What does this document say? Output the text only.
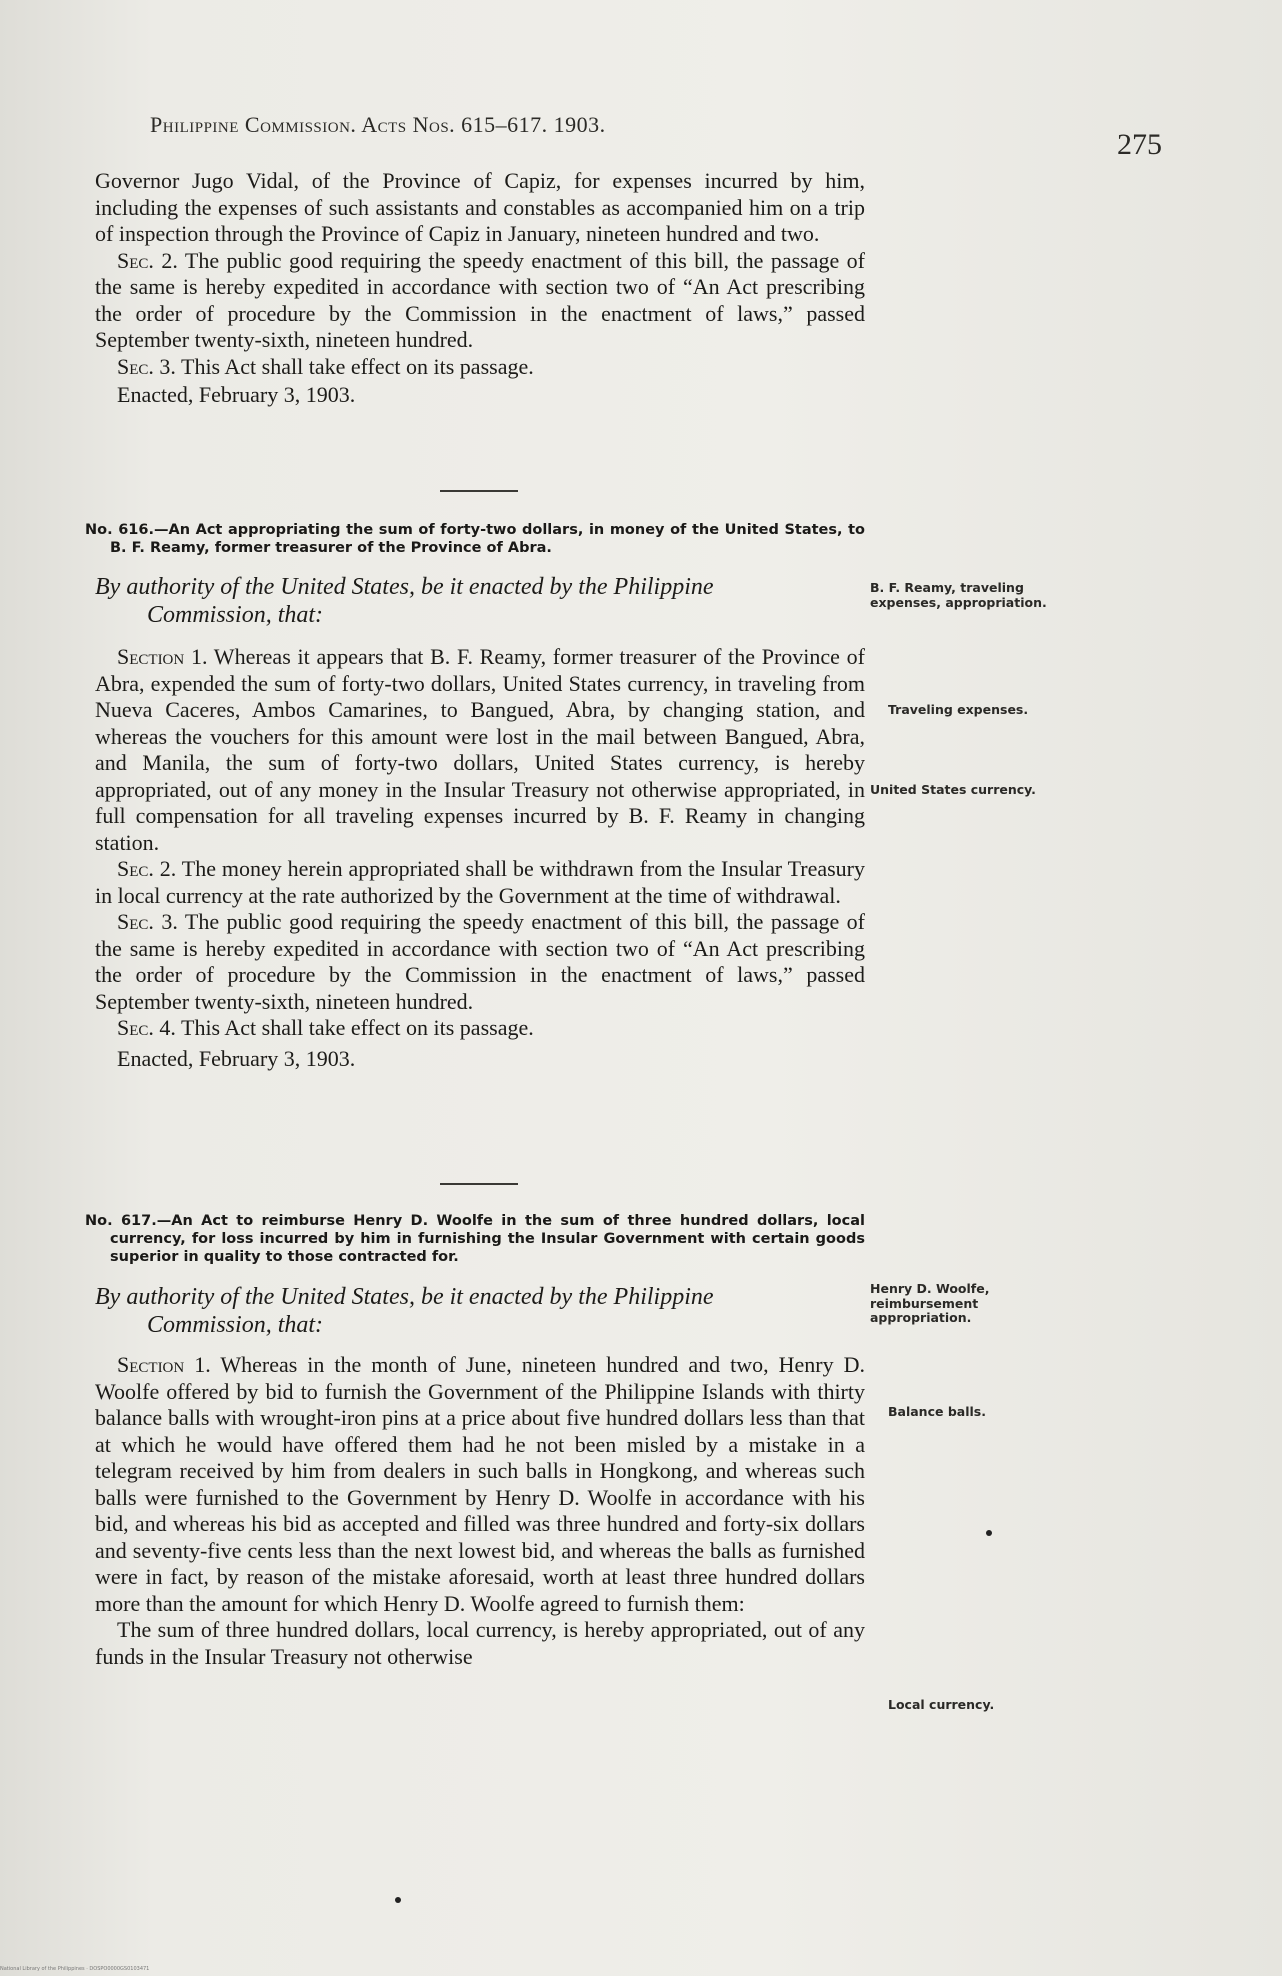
Philippine Commission. Acts Nos. 615–617. 1903.
275

Governor Jugo Vidal, of the Province of Capiz, for expenses incurred by him, including the expenses of such assistants and constables as accompanied him on a trip of inspection through the Province of Capiz in January, nineteen hundred and two.

Sec. 2. The public good requiring the speedy enactment of this bill, the passage of the same is hereby expedited in accordance with section two of “An Act prescribing the order of procedure by the Commission in the enactment of laws,” passed September twenty-sixth, nineteen hundred.

Sec. 3. This Act shall take effect on its passage.

Enacted, February 3, 1903.

No. 616.—An Act appropriating the sum of forty-two dollars, in money of the United States, to B. F. Reamy, former treasurer of the Province of Abra.
By authority of the United States, be it enacted by the Philippine
Commission, that:

Section 1. Whereas it appears that B. F. Reamy, former treasurer of the Province of Abra, expended the sum of forty-two dollars, United States currency, in traveling from Nueva Caceres, Ambos Camarines, to Bangued, Abra, by changing station, and whereas the vouchers for this amount were lost in the mail between Bangued, Abra, and Manila, the sum of forty-two dollars, United States currency, is hereby appropriated, out of any money in the Insular Treasury not otherwise appropriated, in full compensation for all traveling expenses incurred by B. F. Reamy in changing station.

Sec. 2. The money herein appropriated shall be withdrawn from the Insular Treasury in local currency at the rate authorized by the Government at the time of withdrawal.

Sec. 3. The public good requiring the speedy enactment of this bill, the passage of the same is hereby expedited in accordance with section two of “An Act prescribing the order of procedure by the Commission in the enactment of laws,” passed September twenty-sixth, nineteen hundred.

Sec. 4. This Act shall take effect on its passage.

Enacted, February 3, 1903.

No. 617.—An Act to reimburse Henry D. Woolfe in the sum of three hundred dollars, local currency, for loss incurred by him in furnishing the Insular Government with certain goods superior in quality to those contracted for.
By authority of the United States, be it enacted by the Philippine
Commission, that:

Section 1. Whereas in the month of June, nineteen hundred and two, Henry D. Woolfe offered by bid to furnish the Government of the Philippine Islands with thirty balance balls with wrought-iron pins at a price about five hundred dollars less than that at which he would have offered them had he not been misled by a mistake in a telegram received by him from dealers in such balls in Hongkong, and whereas such balls were furnished to the Government by Henry D. Woolfe in accordance with his bid, and whereas his bid as accepted and filled was three hundred and forty-six dollars and seventy-five cents less than the next lowest bid, and whereas the balls as furnished were in fact, by reason of the mistake aforesaid, worth at least three hundred dollars more than the amount for which Henry D. Woolfe agreed to furnish them:

The sum of three hundred dollars, local currency, is hereby appropriated, out of any funds in the Insular Treasury not otherwise

B. F. Reamy, traveling expenses, appropriation.
Traveling expenses.
United States currency.
Henry D. Woolfe, reimbursement appropriation.
Balance balls.
Local currency.
National Library of the Philippines · DOSPO0000GS0103471
